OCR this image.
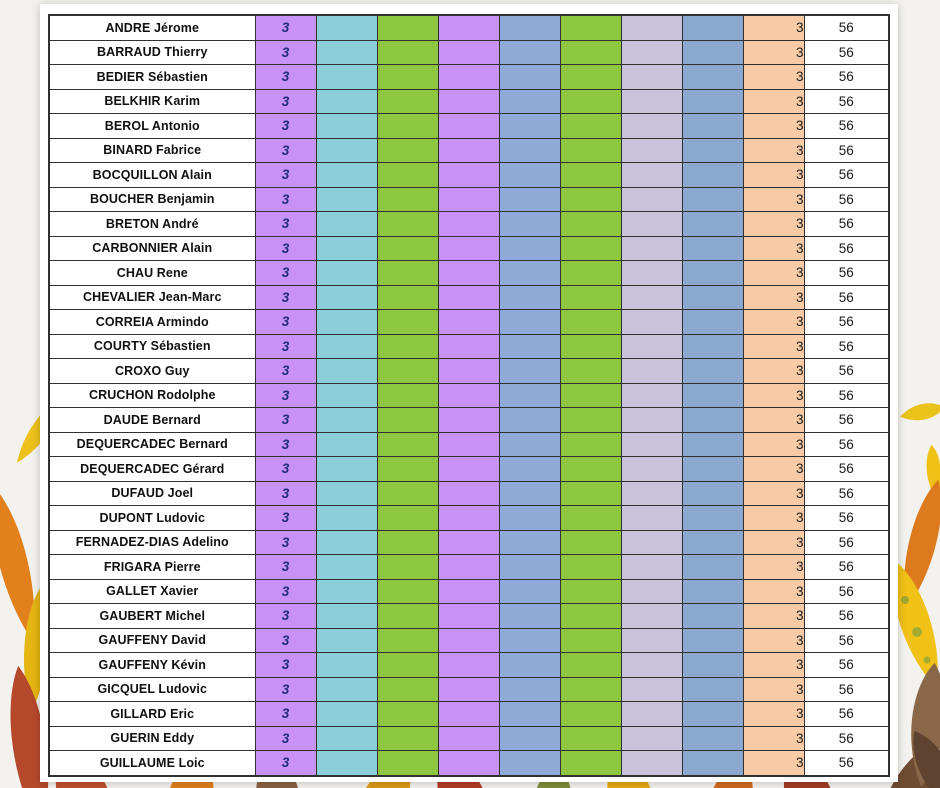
ANDRE Jérome	3								3	56
BARRAUD Thierry	3								3	56
BEDIER Sébastien	3								3	56
BELKHIR Karim	3								3	56
BEROL Antonio	3								3	56
BINARD Fabrice	3								3	56
BOCQUILLON Alain	3								3	56
BOUCHER Benjamin	3								3	56
BRETON André	3								3	56
CARBONNIER Alain	3								3	56
CHAU Rene	3								3	56
CHEVALIER Jean-Marc	3								3	56
CORREIA Armindo	3								3	56
COURTY Sébastien	3								3	56
CROXO Guy	3								3	56
CRUCHON Rodolphe	3								3	56
DAUDE Bernard	3								3	56
DEQUERCADEC Bernard	3								3	56
DEQUERCADEC Gérard	3								3	56
DUFAUD Joel	3								3	56
DUPONT Ludovic	3								3	56
FERNADEZ-DIAS Adelino	3								3	56
FRIGARA Pierre	3								3	56
GALLET Xavier	3								3	56
GAUBERT Michel	3								3	56
GAUFFENY David	3								3	56
GAUFFENY Kévin	3								3	56
GICQUEL Ludovic	3								3	56
GILLARD Eric	3								3	56
GUERIN Eddy	3								3	56
GUILLAUME Loic	3								3	56
